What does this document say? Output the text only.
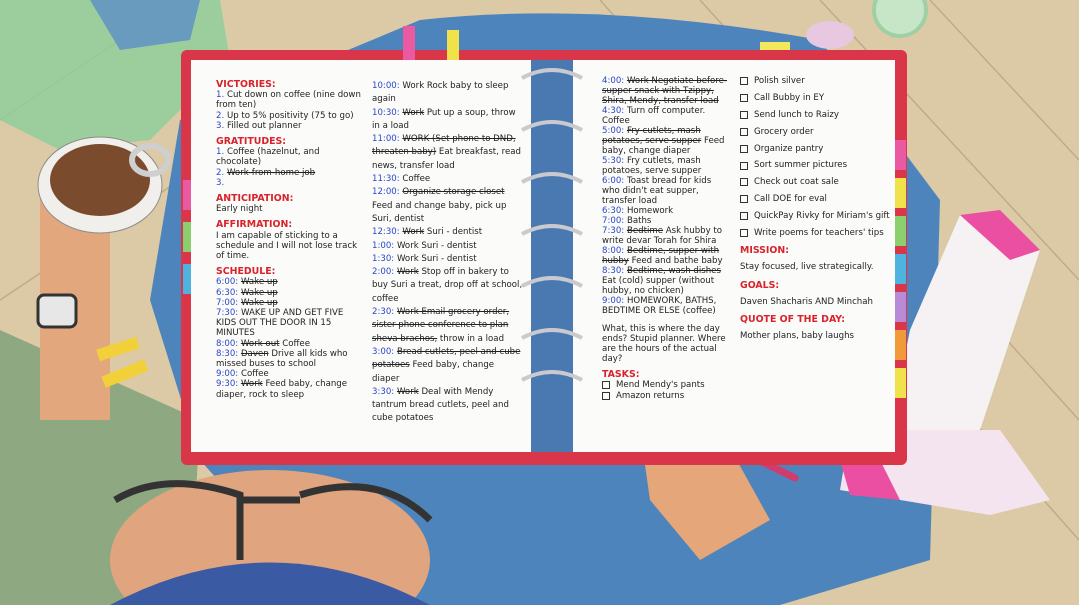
VICTORIES:
1. Cut down on coffee (nine down from ten)
2. Up to 5% positivity (75 to go)
3. Filled out planner
GRATITUDES:
1. Coffee (hazelnut, and chocolate)
2. Work-from-home job
3.
ANTICIPATION:
Early night
AFFIRMATION:
I am capable of sticking to a schedule and I will not lose track of time.
SCHEDULE:
6:00: Wake up
6:30: Wake up
7:00: Wake up
7:30: WAKE UP AND GET FIVE KIDS OUT THE DOOR IN 15 MINUTES
8:00: Work out Coffee
8:30: Daven Drive all kids who missed buses to school
9:00: Coffee
9:30: Work Feed baby, change diaper, rock to sleep
10:00: Work Rock baby to sleep again
10:30: Work Put up a soup, throw in a load
11:00: WORK (Set phone to DND, threaten baby) Eat breakfast, read news, transfer load
11:30: Coffee
12:00: Organize storage closet Feed and change baby, pick up Suri, dentist
12:30: Work Suri - dentist
1:00: Work Suri - dentist
1:30: Work Suri - dentist
2:00: Work Stop off in bakery to buy Suri a treat, drop off at school, coffee
2:30: Work Email grocery order, sister phone conference to plan sheva brachos, throw in a load
3:00: Bread cutlets, peel and cube potatoes Feed baby, change diaper
3:30: Work Deal with Mendy tantrum bread cutlets, peel and cube potatoes
4:00: Work Negotiate before-supper snack with Tzippy, Shira, Mendy, transfer load
4:30: Turn off computer. Coffee
5:00: Fry cutlets, mash potatoes, serve supper Feed baby, change diaper
5:30: Fry cutlets, mash potatoes, serve supper
6:00: Toast bread for kids who didn't eat supper, transfer load
6:30: Homework
7:00: Baths
7:30: Bedtime Ask hubby to write devar Torah for Shira
8:00: Bedtime, supper with hubby Feed and bathe baby
8:30: Bedtime, wash dishes Eat (cold) supper (without hubby, no chicken)
9:00: HOMEWORK, BATHS, BEDTIME OR ELSE (coffee)
What, this is where the day ends? Stupid planner. Where are the hours of the actual day?
TASKS:
Mend Mendy's pants
Amazon returns
Polish silver
Call Bubby in EY
Send lunch to Raizy
Grocery order
Organize pantry
Sort summer pictures
Check out coat sale
Call DOE for eval
QuickPay Rivky for Miriam's gift
Write poems for teachers' tips
MISSION:
Stay focused, live strategically.
GOALS:
Daven Shacharis AND Minchah
QUOTE OF THE DAY:
Mother plans, baby laughs
